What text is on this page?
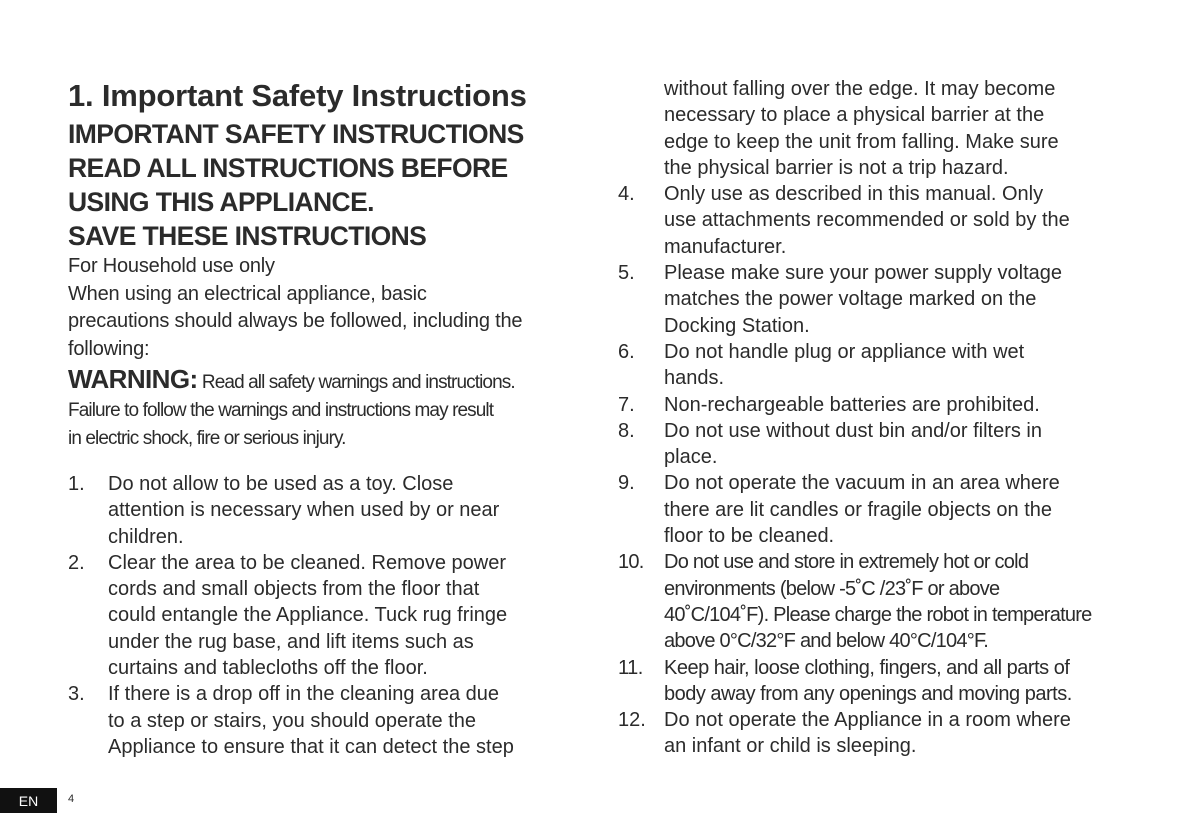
1. Important Safety Instructions

IMPORTANT SAFETY INSTRUCTIONS

READ ALL INSTRUCTIONS BEFORE

USING THIS APPLIANCE.

SAVE THESE INSTRUCTIONS

For Household use only

When using an electrical appliance, basic

precautions should always be followed, including the

following:

WARNING: Read all safety warnings and instructions.

Failure to follow the warnings and instructions may result

in electric shock, fire or serious injury.

1. Do not allow to be used as a toy. Close
attention is necessary when used by or near
children.
2. Clear the area to be cleaned. Remove power
cords and small objects from the floor that
could entangle the Appliance. Tuck rug fringe
under the rug base, and lift items such as
curtains and tablecloths off the floor.
3. If there is a drop off in the cleaning area due
to a step or stairs, you should operate the
Appliance to ensure that it can detect the step

without falling over the edge. It may become

necessary to place a physical barrier at the

edge to keep the unit from falling. Make sure

the physical barrier is not a trip hazard.

4. Only use as described in this manual. Only
use attachments recommended or sold by the
manufacturer.
5. Please make sure your power supply voltage
matches the power voltage marked on the
Docking Station.
6. Do not handle plug or appliance with wet
hands.
7. Non-rechargeable batteries are prohibited.
8. Do not use without dust bin and/or filters in
place.
9. Do not operate the vacuum in an area where
there are lit candles or fragile objects on the
floor to be cleaned.
10. Do not use and store in extremely hot or cold
environments (below -5˚C /23˚F or above
40˚C/104˚F). Please charge the robot in temperature
above 0°C/32°F and below 40°C/104°F.
11. Keep hair, loose clothing, fingers, and all parts of
body away from any openings and moving parts.
12. Do not operate the Appliance in a room where
an infant or child is sleeping.
EN	4
